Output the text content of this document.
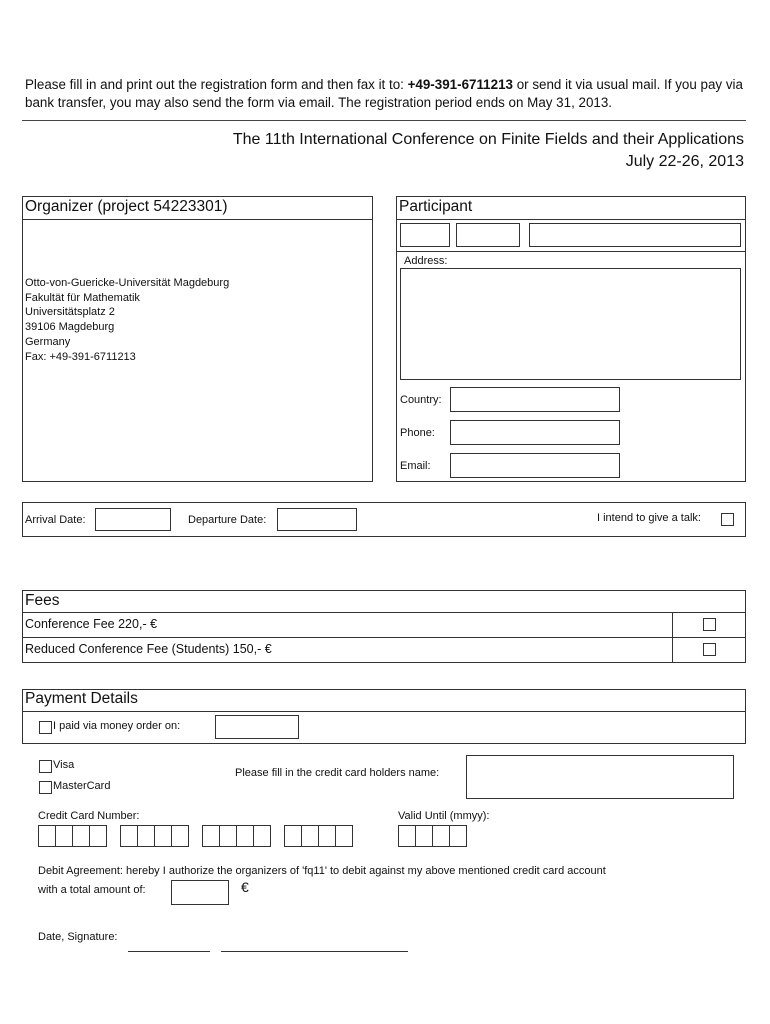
Please fill in and print out the registration form and then fax it to: +49-391-6711213 or send it via usual mail. If you pay via bank transfer, you may also send the form via email. The registration period ends on May 31, 2013.
The 11th International Conference on Finite Fields and their Applications
July 22-26, 2013
Organizer (project 54223301)
Otto-von-Guericke-Universität Magdeburg
Fakultät für Mathematik
Universitätsplatz 2
39106 Magdeburg
Germany
Fax: +49-391-6711213
Participant
Address:
Country:
Phone:
Email:
Arrival Date:	Departure Date:	I intend to give a talk:
Fees
Conference Fee 220,- €
Reduced Conference Fee (Students) 150,- €
Payment Details
I paid via money order on:
Visa
MasterCard
Please fill in the credit card holders name:
Credit Card Number:	Valid Until (mmyy):
Debit Agreement: hereby I authorize the organizers of 'fq11' to debit against my above mentioned credit card account
with a total amount of:	€
Date, Signature:
